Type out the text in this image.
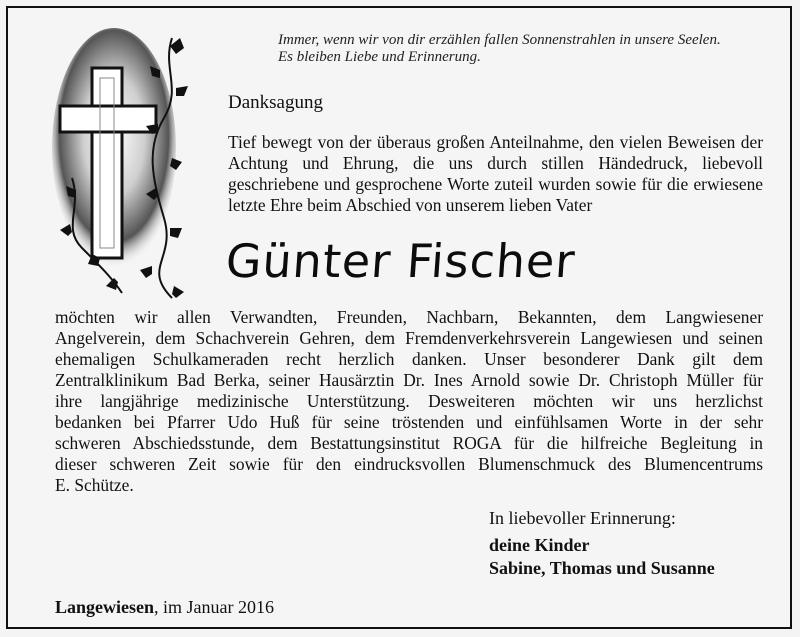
Immer, wenn wir von dir erzählen fallen Sonnenstrahlen in unsere Seelen.
Es bleiben Liebe und Erinnerung.
Danksagung
Tief bewegt von der überaus großen Anteilnahme, den vielen Beweisen der Achtung und Ehrung, die uns durch stillen Händedruck, liebevoll geschriebene und gesprochene Worte zuteil wurden sowie für die erwiesene letzte Ehre beim Abschied von unserem lieben Vater
Günter Fischer
möchten wir allen Verwandten, Freunden, Nachbarn, Bekannten, dem Langwiesener
Angelverein, dem Schachverein Gehren, dem Fremdenverkehrsverein Langewiesen und seinen
ehemaligen Schulkameraden recht herzlich danken. Unser besonderer Dank gilt dem
Zentralklinikum Bad Berka, seiner Hausärztin Dr. Ines Arnold sowie Dr. Christoph Müller für
ihre langjährige medizinische Unterstützung. Desweiteren möchten wir uns herzlichst
bedanken bei Pfarrer Udo Huß für seine tröstenden und einfühlsamen Worte in der sehr
schweren Abschiedsstunde, dem Bestattungsinstitut ROGA für die hilfreiche Begleitung in
dieser schweren Zeit sowie für den eindrucksvollen Blumenschmuck des Blumencentrums
E. Schütze.
In liebevoller Erinnerung:
deine Kinder
Sabine, Thomas und Susanne
Langewiesen, im Januar 2016
